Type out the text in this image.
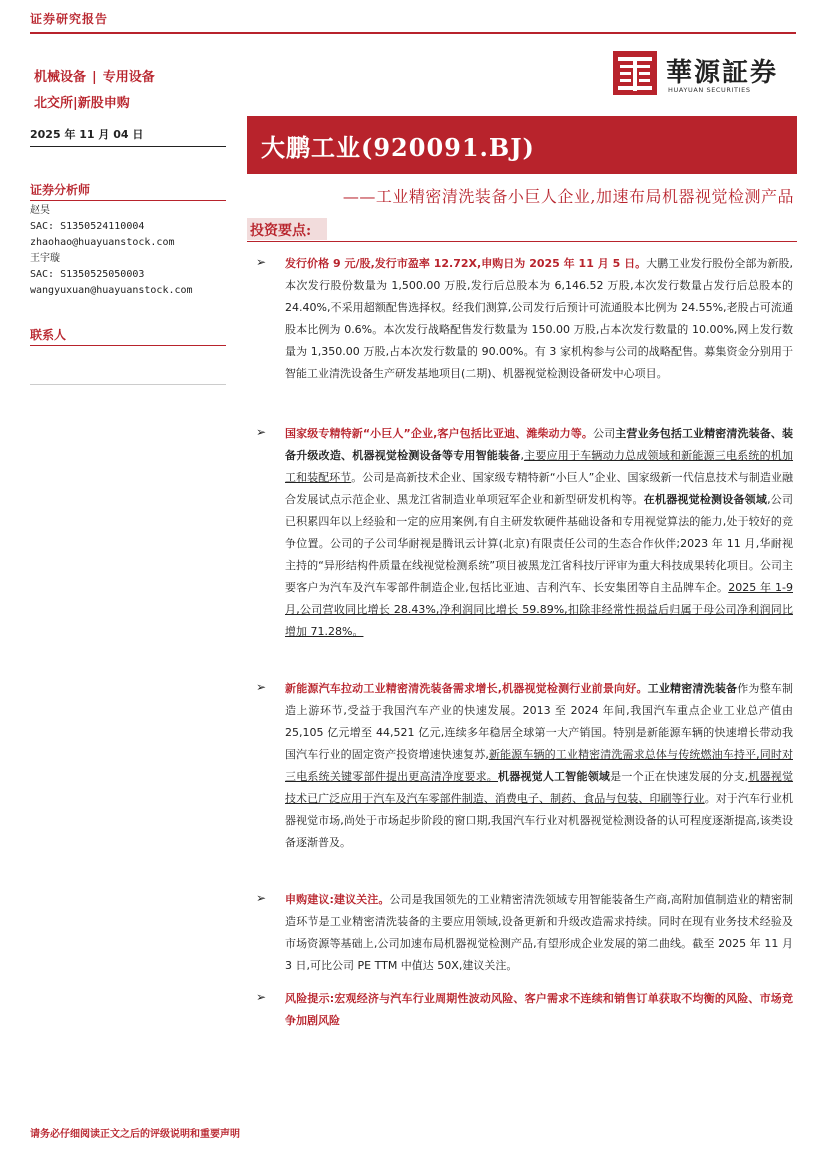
证券研究报告
机械设备 | 专用设备
北交所|新股申购
華源証券
HUAYUAN SECURITIES
2025 年 11 月 04 日	大鹏工业(920091.BJ)
——工业精密清洗装备小巨人企业,加速布局机器视觉检测产品
证券分析师
赵昊
SAC: S1350524110004
zhaohao@huayuanstock.com
王宇璇
SAC: S1350525050003
wangyuxuan@huayuanstock.com
联系人
投资要点:
➢ 发行价格 9 元/股,发行市盈率 12.72X,申购日为 2025 年 11 月 5 日。大鹏工业发行股份全部为新股,本次发行股份数量为 1,500.00 万股,发行后总股本为 6,146.52 万股,本次发行数量占发行后总股本的 24.40%,不采用超额配售选择权。经我们测算,公司发行后预计可流通股本比例为 24.55%,老股占可流通股本比例为 0.6%。本次发行战略配售发行数量为 150.00 万股,占本次发行数量的 10.00%,网上发行数量为 1,350.00 万股,占本次发行数量的 90.00%。有 3 家机构参与公司的战略配售。募集资金分别用于智能工业清洗设备生产研发基地项目(二期)、机器视觉检测设备研发中心项目。
➢ 国家级专精特新“小巨人”企业,客户包括比亚迪、潍柴动力等。公司主营业务包括工业精密清洗装备、装备升级改造、机器视觉检测设备等专用智能装备,主要应用于车辆动力总成领域和新能源三电系统的机加工和装配环节。公司是高新技术企业、国家级专精特新“小巨人”企业、国家级新一代信息技术与制造业融合发展试点示范企业、黑龙江省制造业单项冠军企业和新型研发机构等。在机器视觉检测设备领域,公司已积累四年以上经验和一定的应用案例,有自主研发软硬件基础设备和专用视觉算法的能力,处于较好的竞争位置。公司的子公司华耐视是腾讯云计算(北京)有限责任公司的生态合作伙伴;2023 年 11 月,华耐视主持的“异形结构件质量在线视觉检测系统”项目被黑龙江省科技厅评审为重大科技成果转化项目。公司主要客户为汽车及汽车零部件制造企业,包括比亚迪、吉利汽车、长安集团等自主品牌车企。2025 年 1-9 月,公司营收同比增长 28.43%,净利润同比增长 59.89%,扣除非经常性损益后归属于母公司净利润同比增加 71.28%。
➢ 新能源汽车拉动工业精密清洗装备需求增长,机器视觉检测行业前景向好。工业精密清洗装备作为整车制造上游环节,受益于我国汽车产业的快速发展。2013 至 2024 年间,我国汽车重点企业工业总产值由 25,105 亿元增至 44,521 亿元,连续多年稳居全球第一大产销国。特别是新能源车辆的快速增长带动我国汽车行业的固定资产投资增速快速复苏,新能源车辆的工业精密清洗需求总体与传统燃油车持平,同时对三电系统关键零部件提出更高清净度要求。机器视觉人工智能领域是一个正在快速发展的分支,机器视觉技术已广泛应用于汽车及汽车零部件制造、消费电子、制药、食品与包装、印刷等行业。对于汽车行业机器视觉市场,尚处于市场起步阶段的窗口期,我国汽车行业对机器视觉检测设备的认可程度逐渐提高,该类设备逐渐普及。
➢ 申购建议:建议关注。公司是我国领先的工业精密清洗领域专用智能装备生产商,高附加值制造业的精密制造环节是工业精密清洗装备的主要应用领域,设备更新和升级改造需求持续。同时在现有业务技术经验及市场资源等基础上,公司加速布局机器视觉检测产品,有望形成企业发展的第二曲线。截至 2025 年 11 月 3 日,可比公司 PE TTM 中值达 50X,建议关注。
➢ 风险提示:宏观经济与汽车行业周期性波动风险、客户需求不连续和销售订单获取不均衡的风险、市场竞争加剧风险
请务必仔细阅读正文之后的评级说明和重要声明
